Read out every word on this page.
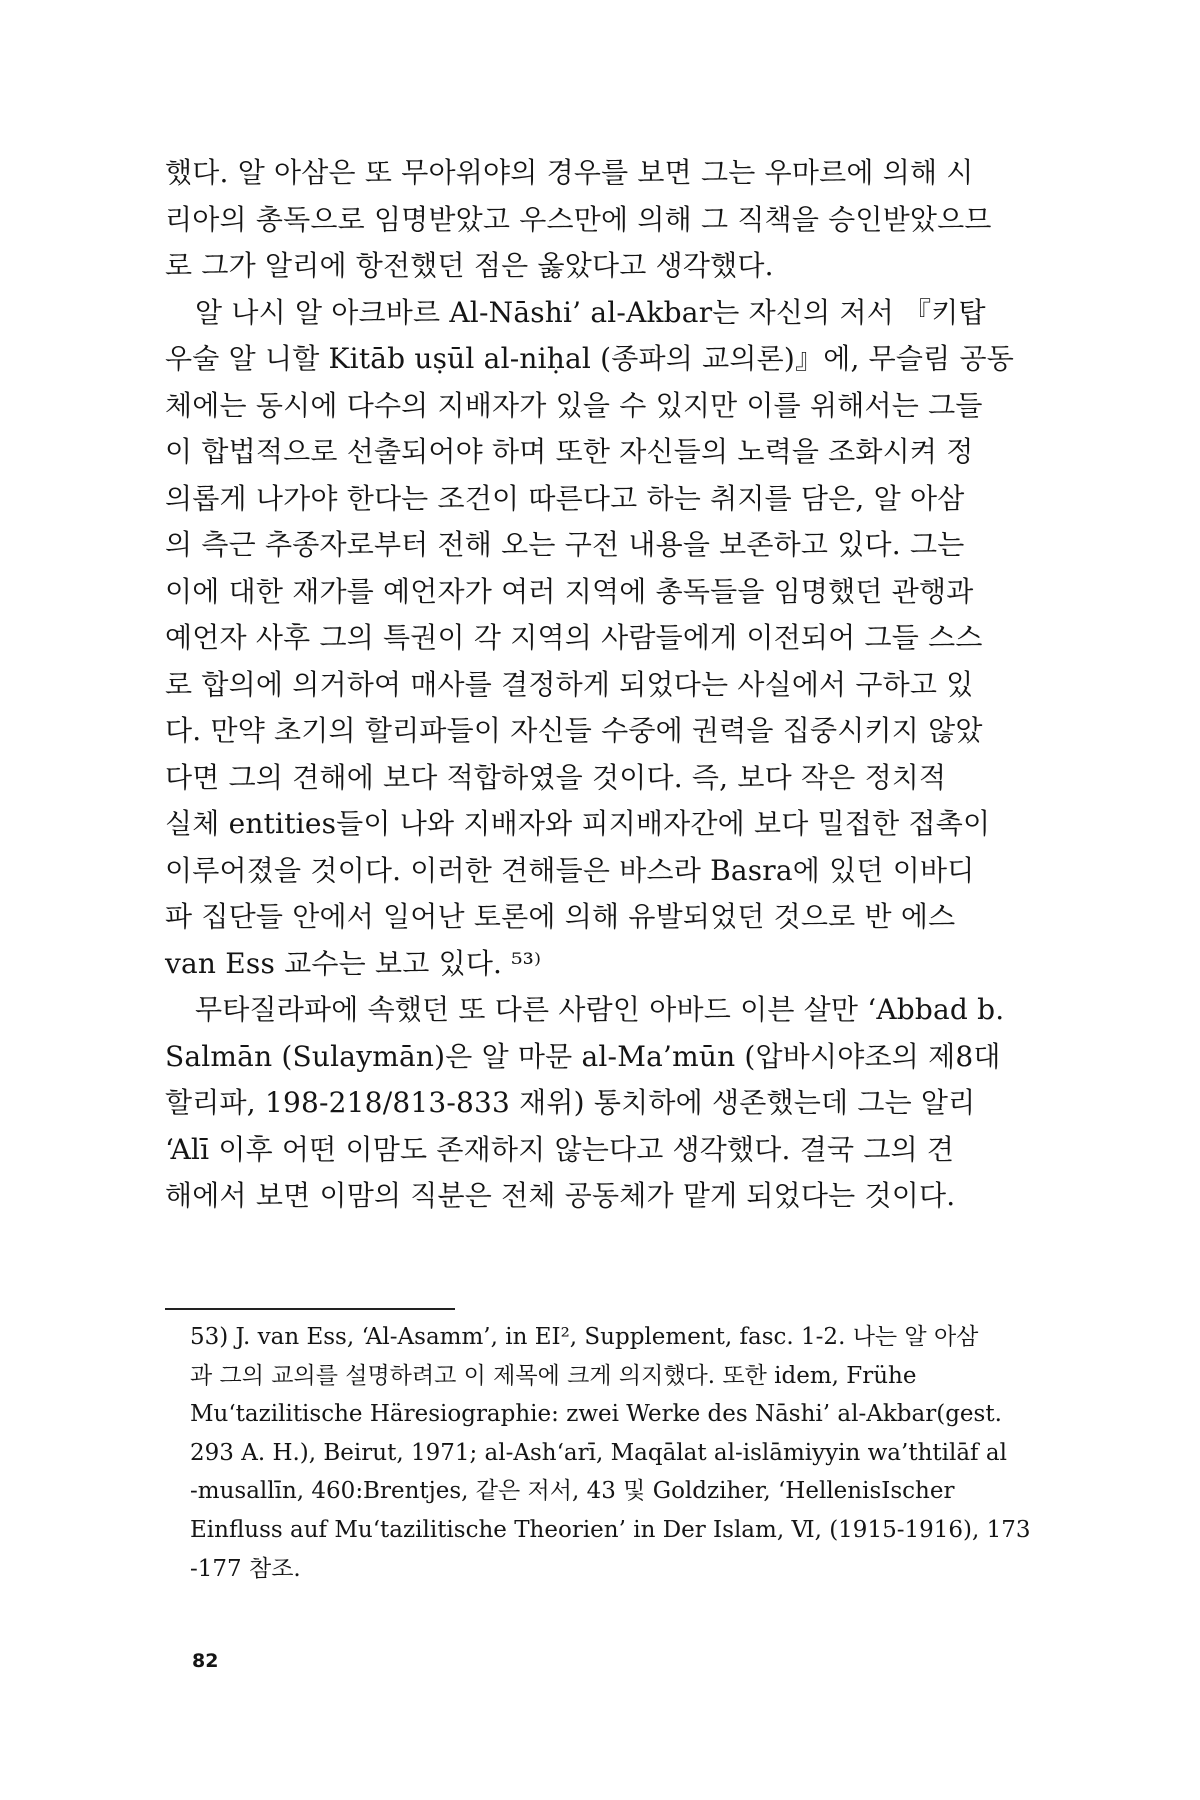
했다. 알 아삼은 또 무아위야의 경우를 보면 그는 우마르에 의해 시
리아의 총독으로 임명받았고 우스만에 의해 그 직책을 승인받았으므
로 그가 알리에 항전했던 점은 옳았다고 생각했다.
알 나시 알 아크바르 Al-Nāshi’ al-Akbar는 자신의 저서 『키탑
우술 알 니할 Kitāb uṣūl al-niḥal (종파의 교의론)』에, 무슬림 공동
체에는 동시에 다수의 지배자가 있을 수 있지만 이를 위해서는 그들
이 합법적으로 선출되어야 하며 또한 자신들의 노력을 조화시켜 정
의롭게 나가야 한다는 조건이 따른다고 하는 취지를 담은, 알 아삼
의 측근 추종자로부터 전해 오는 구전 내용을 보존하고 있다. 그는
이에 대한 재가를 예언자가 여러 지역에 총독들을 임명했던 관행과
예언자 사후 그의 특권이 각 지역의 사람들에게 이전되어 그들 스스
로 합의에 의거하여 매사를 결정하게 되었다는 사실에서 구하고 있
다. 만약 초기의 할리파들이 자신들 수중에 권력을 집중시키지 않았
다면 그의 견해에 보다 적합하였을 것이다. 즉, 보다 작은 정치적
실체 entities들이 나와 지배자와 피지배자간에 보다 밀접한 접촉이
이루어졌을 것이다. 이러한 견해들은 바스라 Basra에 있던 이바디
파 집단들 안에서 일어난 토론에 의해 유발되었던 것으로 반 에스
van Ess 교수는 보고 있다. ⁵³⁾
무타질라파에 속했던 또 다른 사람인 아바드 이븐 살만 ‘Abbad b.
Salmān (Sulaymān)은 알 마문 al-Ma’mūn (압바시야조의 제8대
할리파, 198-218/813-833 재위) 통치하에 생존했는데 그는 알리
‘Alī 이후 어떤 이맘도 존재하지 않는다고 생각했다. 결국 그의 견
해에서 보면 이맘의 직분은 전체 공동체가 맡게 되었다는 것이다.
53) J. van Ess, ‘Al-Asamm’, in EI², Supplement, fasc. 1-2. 나는 알 아삼
과 그의 교의를 설명하려고 이 제목에 크게 의지했다. 또한 idem, Frühe
Mu‘tazilitische Häresiographie: zwei Werke des Nāshi’ al-Akbar(gest.
293 A. H.), Beirut, 1971; al-Ash‘arī, Maqālat al-islāmiyyin wa’thtilāf al
-musallīn, 460:Brentjes, 같은 저서, 43 및 Goldziher, ‘HellenisIscher
Einfluss auf Mu‘tazilitische Theorien’ in Der Islam, Ⅵ, (1915-1916), 173
-177 참조.
82
